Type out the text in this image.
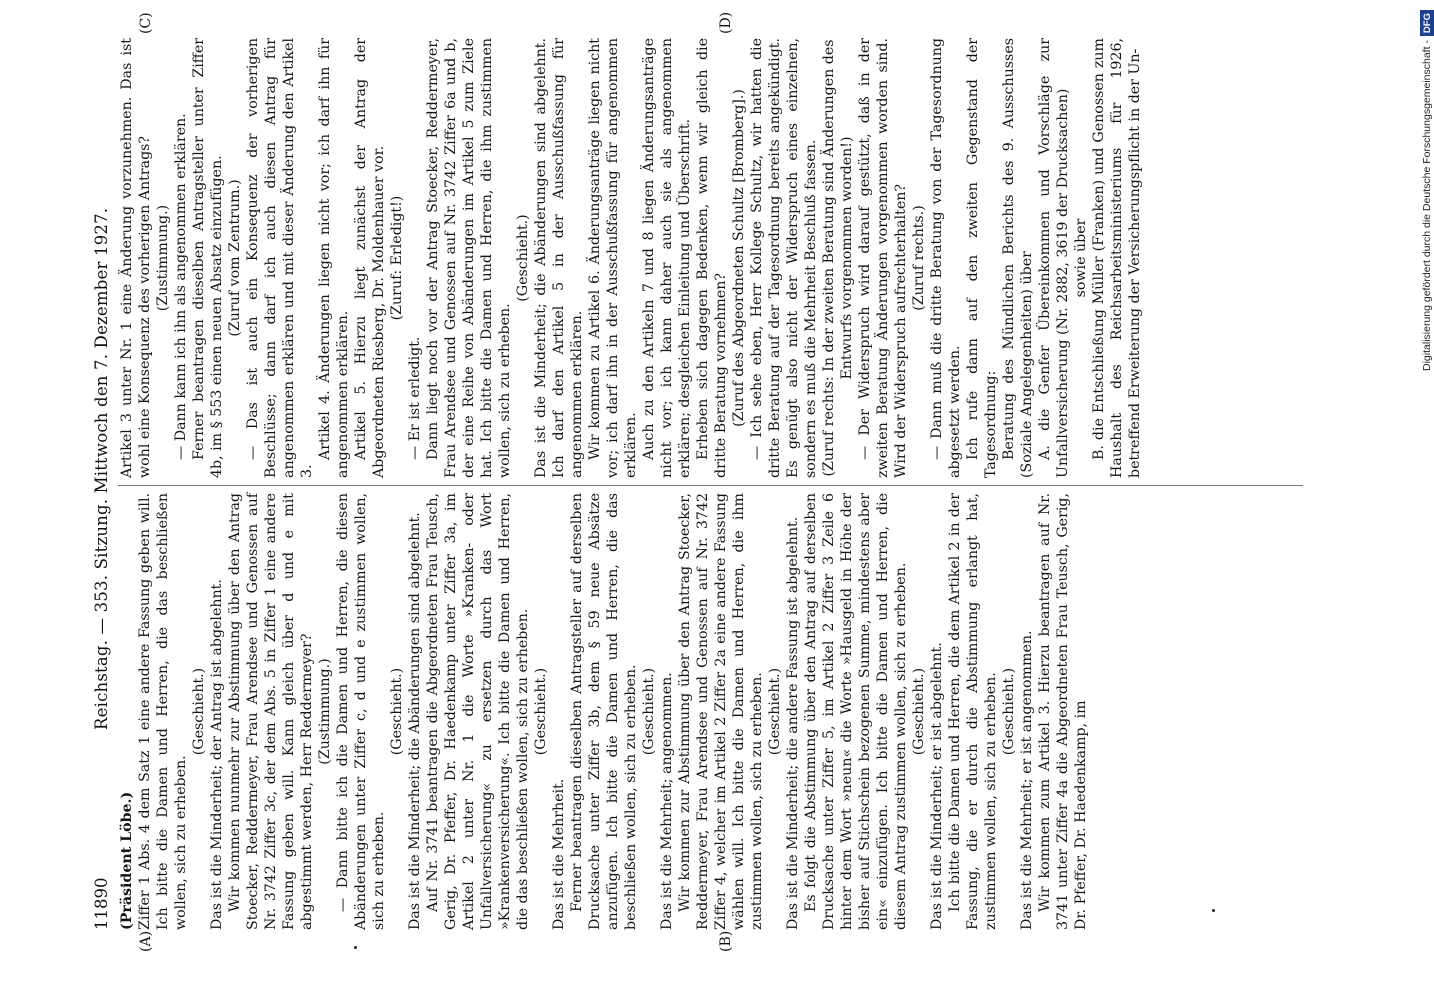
11890
Reichstag. — 353. Sitzung. Mittwoch den 7. Dezember 1927.

(Präsident Löbe.) Ziffer 1 Abs. 4 dem Satz 1 eine andere Fassung geben will. Ich bitte die Damen und Herren, die das beschließen wollen, sich zu erheben.

(Geschieht.) Das ist die Minderheit; der Antrag ist abgelehnt. Wir kommen nunmehr zur Abstimmung über den Antrag Stoecker, Reddermeyer, Frau Arendsee und Genossen auf Nr. 3742 Ziffer 3c, der dem Abs. 5 in Ziffer 1 eine andere Fassung geben will. Kann gleich über d und e mit abgestimmt werden, Herr Reddermeyer? (Zustimmung.) — Dann bitte ich die Damen und Herren, die diesen Abänderungen unter Ziffer c, d und e zustimmen wollen, sich zu erheben.

(Geschieht.) Das ist die Minderheit; die Abänderungen sind abgelehnt. Auf Nr. 3741 beantragen die Abgeordneten Frau Teusch, Gerig, Dr. Pfeffer, Dr. Haedenkamp unter Ziffer 3a, im Artikel 2 unter Nr. 1 die Worte »Kranken- oder Unfallversicherung« zu ersetzen durch das Wort »Krankenversicherung«. Ich bitte die Damen und Herren, die das beschließen wollen, sich zu erheben. (Geschieht.)

Das ist die Mehrheit. Ferner beantragen dieselben Antragsteller auf derselben Drucksache unter Ziffer 3b, dem § 59 neue Absätze anzufügen. Ich bitte die Damen und Herren, die das beschließen wollen, sich zu erheben. (Geschieht.) Das ist die Mehrheit; angenommen. Wir kommen zur Abstimmung über den Antrag Stoecker, Reddermeyer, Frau Arendsee und Genossen auf Nr. 3742 Ziffer 4, welcher im Artikel 2 Ziffer 2a eine andere Fassung wählen will. Ich bitte die Damen und Herren, die ihm zustimmen wollen, sich zu erheben. (Geschieht.) Das ist die Minderheit; die andere Fassung ist abgelehnt. Es folgt die Abstimmung über den Antrag auf derselben Drucksache unter Ziffer 5, im Artikel 2 Ziffer 3 Zeile 6 hinter dem Wort »neun« die Worte »Hausgeld in Höhe der bisher auf Stichschein bezogenen Summe, mindestens aber ein« einzufügen. Ich bitte die Damen und Herren, die diesem Antrag zustimmen wollen, sich zu erheben. (Geschieht.) Das ist die Minderheit; er ist abgelehnt. Ich bitte die Damen und Herren, die dem Artikel 2 in der Fassung, die er durch die Abstimmung erlangt hat, zustimmen wollen, sich zu erheben. (Geschieht.) Das ist die Mehrheit; er ist angenommen. Wir kommen zum Artikel 3. Hierzu beantragen auf Nr. 3741 unter Ziffer 4a die Abgeordneten Frau Teusch, Gerig, Dr. Pfeffer, Dr. Haedenkamp, im

Artikel 3 unter Nr. 1 eine Änderung vorzunehmen. Das ist wohl eine Konsequenz des vorherigen Antrags? (Zustimmung.) — Dann kann ich ihn als angenommen erklären. Ferner beantragen dieselben Antragsteller unter Ziffer 4b, im § 553 einen neuen Absatz einzufügen. (Zuruf vom Zentrum.) — Das ist auch ein Konsequenz der vorherigen Beschlüsse; dann darf ich auch diesen Antrag für angenommen erklären und mit dieser Änderung den Artikel 3.

Artikel 4. Änderungen liegen nicht vor; ich darf ihn für angenommen erklären. Artikel 5. Hierzu liegt zunächst der Antrag der Abgeordneten Riesberg, Dr. Moldenhauer vor. (Zuruf: Erledigt!)

— Er ist erledigt. Dann liegt noch vor der Antrag Stoecker, Reddermeyer, Frau Arendsee und Genossen auf Nr. 3742 Ziffer 6a und b, der eine Reihe von Abänderungen im Artikel 5 zum Ziele hat. Ich bitte die Damen und Herren, die ihm zustimmen wollen, sich zu erheben.

(Geschieht.) Das ist die Minderheit; die Abänderungen sind abgelehnt. Ich darf den Artikel 5 in der Ausschußfassung für angenommen erklären. Wir kommen zu Artikel 6. Änderungsanträge liegen nicht vor; ich darf ihn in der Ausschußfassung für angenommen erklären. Auch zu den Artikeln 7 und 8 liegen Änderungsanträge nicht vor; ich kann daher auch sie als angenommen erklären; desgleichen Einleitung und Überschrift. Erheben sich dagegen Bedenken, wenn wir gleich die dritte Beratung vornehmen? (Zuruf des Abgeordneten Schultz [Bromberg].) — Ich sehe eben, Herr Kollege Schultz, wir hatten die dritte Beratung auf der Tagesordnung bereits angekündigt. Es genügt also nicht der Widerspruch eines einzelnen, sondern es muß die Mehrheit Beschluß fassen. (Zuruf rechts: In der zweiten Beratung sind Änderungen des Entwurfs vorgenommen worden!) — Der Widerspruch wird darauf gestützt, daß in der zweiten Beratung Änderungen vorgenommen worden sind. Wird der Widerspruch aufrechterhalten? (Zuruf rechts.) — Dann muß die dritte Beratung von der Tagesordnung abgesetzt werden. Ich rufe dann auf den zweiten Gegenstand der Tagesordnung: Beratung des Mündlichen Berichts des 9. Ausschusses (Soziale Angelegenheiten) über A. die Genfer Übereinkommen und Vorschläge zur Unfallversicherung (Nr. 2882, 3619 der Drucksachen) sowie über B. die Entschließung Müller (Franken) und Genossen zum Haushalt des Reichsarbeitsministeriums für 1926, betreffend Erweiterung der Versicherungspflicht in der Un-

(A)	(B)
(C)	(D)
Digitalisierung gefördert durch die Deutsche Forschungsgemeinschaft -DFG
